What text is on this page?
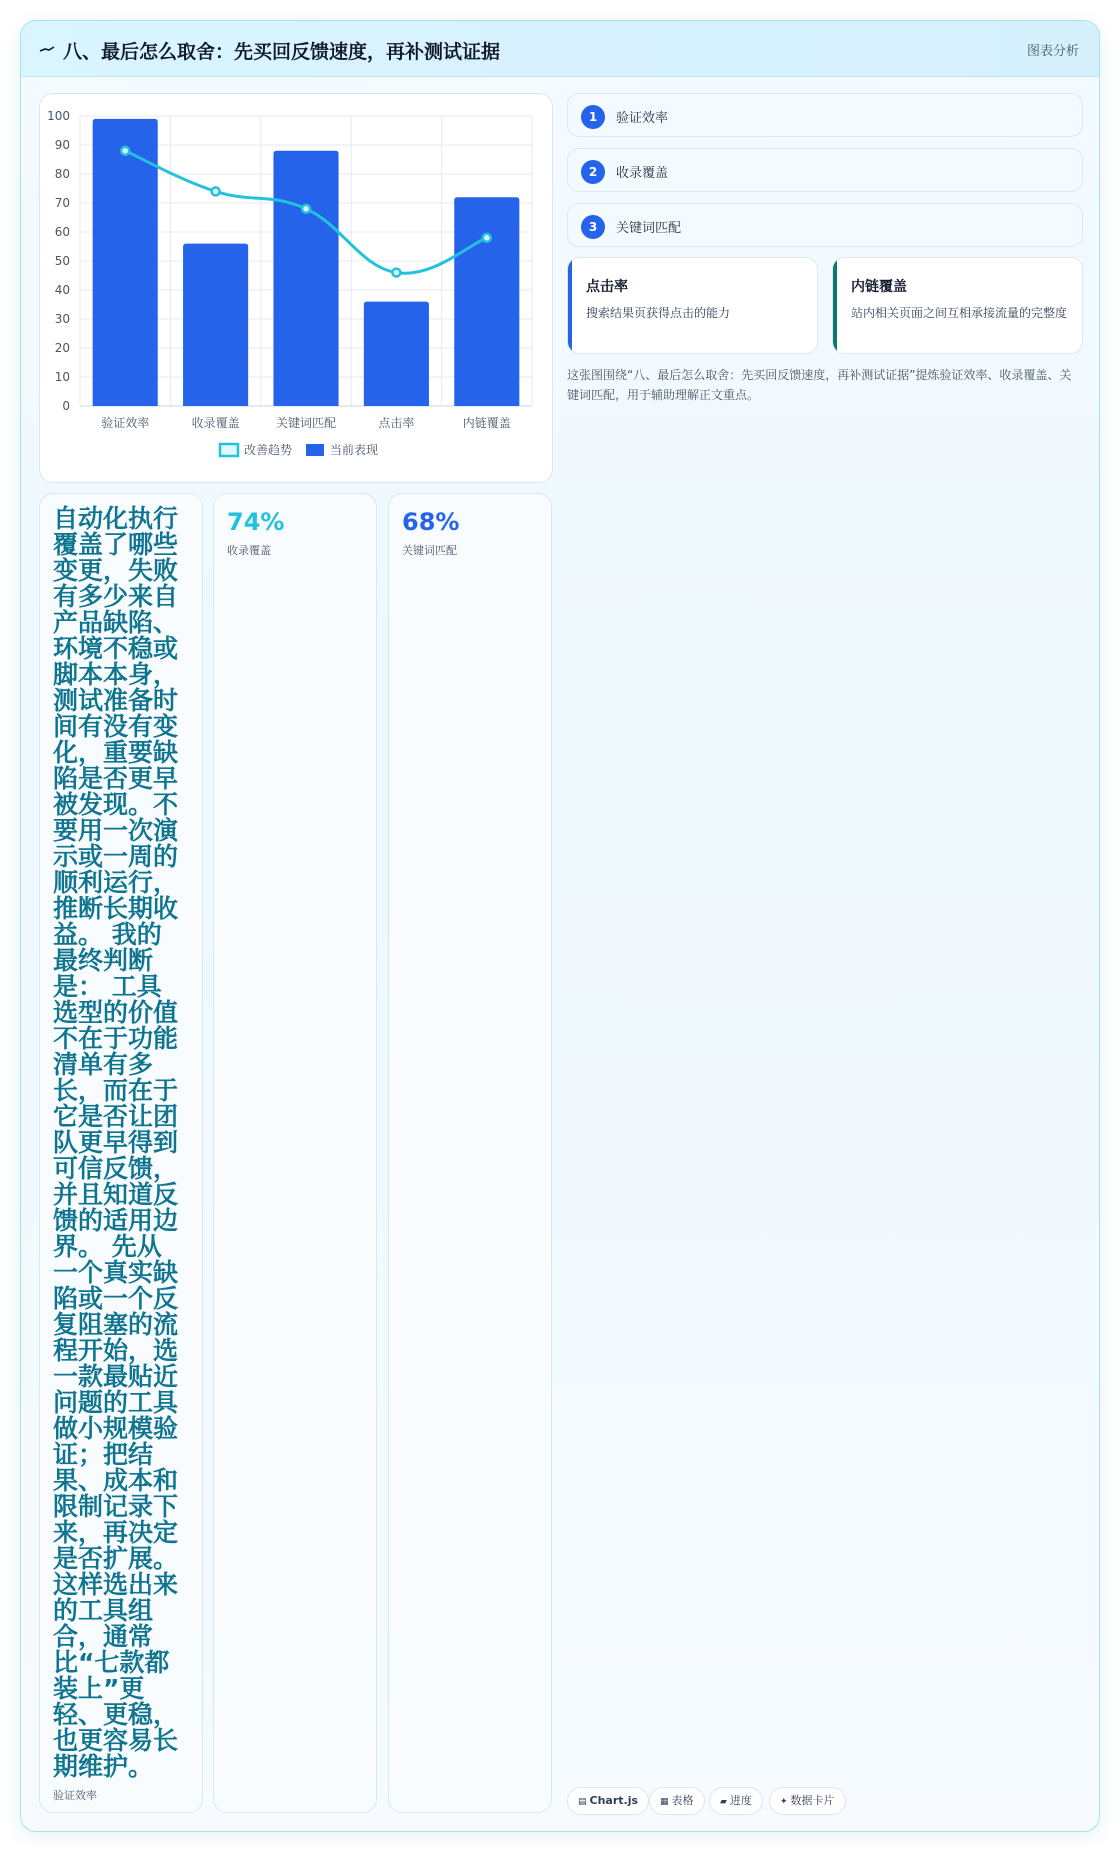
八、最后怎么取舍：先买回反馈速度，再补测试证据	图表分析
0
10
20
30
40
50
60
70
80
90
100
验证效率	收录覆盖	关键词匹配	点击率	内链覆盖
改善趋势	当前表现
1	验证效率
2	收录覆盖
3	关键词匹配
点击率
搜索结果页获得点击的能力
内链覆盖
站内相关页面之间互相承接流量的完整度
这张图围绕“八、最后怎么取舍：先买回反馈速度，再补测试证据”提炼验证效率、收录覆盖、关键词匹配，用于辅助理解正文重点。
自动化执行覆盖了哪些变更，失败有多少来自产品缺陷、环境不稳或脚本本身，测试准备时间有没有变化，重要缺陷是否更早被发现。不要用一次演示或一周的顺利运行，推断长期收益。 我的最终判断是： 工具选型的价值不在于功能清单有多长，而在于它是否让团队更早得到可信反馈，并且知道反馈的适用边界。 先从一个真实缺陷或一个反复阻塞的流程开始，选一款最贴近问题的工具做小规模验证；把结果、成本和限制记录下来，再决定是否扩展。这样选出来的工具组合，通常比“七款都装上”更轻、更稳，也更容易长期维护。
验证效率
74%
收录覆盖
68%
关键词匹配
▤ Chart.js	▦ 表格	▰ 进度	✦ 数据卡片
